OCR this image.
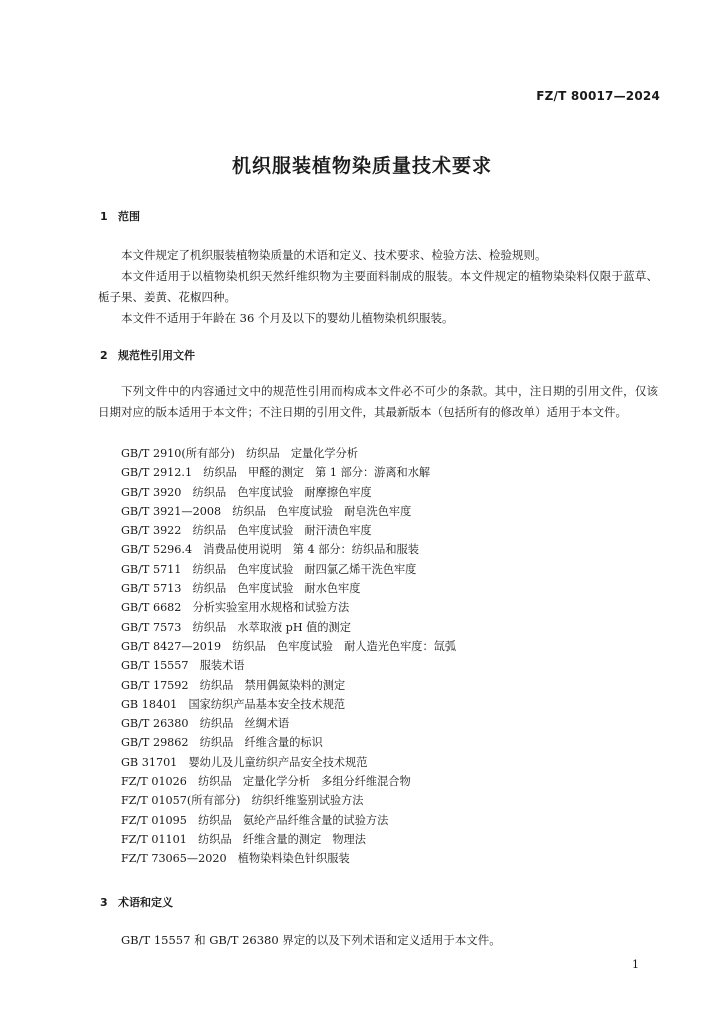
FZ/T 80017—2024
机织服装植物染质量技术要求
1 范围
本文件规定了机织服装植物染质量的术语和定义、技术要求、检验方法、检验规则。
本文件适用于以植物染机织天然纤维织物为主要面料制成的服装。本文件规定的植物染染料仅限于蓝草、栀子果、姜黄、花椒四种。
本文件不适用于年龄在 36 个月及以下的婴幼儿植物染机织服装。
2 规范性引用文件
下列文件中的内容通过文中的规范性引用而构成本文件必不可少的条款。其中，注日期的引用文件，仅该日期对应的版本适用于本文件；不注日期的引用文件，其最新版本（包括所有的修改单）适用于本文件。
GB/T 2910(所有部分)　纺织品　定量化学分析
GB/T 2912.1　纺织品　甲醛的测定　第 1 部分：游离和水解
GB/T 3920　纺织品　色牢度试验　耐摩擦色牢度
GB/T 3921—2008　纺织品　色牢度试验　耐皂洗色牢度
GB/T 3922　纺织品　色牢度试验　耐汗渍色牢度
GB/T 5296.4　消费品使用说明　第 4 部分：纺织品和服装
GB/T 5711　纺织品　色牢度试验　耐四氯乙烯干洗色牢度
GB/T 5713　纺织品　色牢度试验　耐水色牢度
GB/T 6682　分析实验室用水规格和试验方法
GB/T 7573　纺织品　水萃取液 pH 值的测定
GB/T 8427—2019　纺织品　色牢度试验　耐人造光色牢度：氙弧
GB/T 15557　服装术语
GB/T 17592　纺织品　禁用偶氮染料的测定
GB 18401　国家纺织产品基本安全技术规范
GB/T 26380　纺织品　丝绸术语
GB/T 29862　纺织品　纤维含量的标识
GB 31701　婴幼儿及儿童纺织产品安全技术规范
FZ/T 01026　纺织品　定量化学分析　多组分纤维混合物
FZ/T 01057(所有部分)　纺织纤维鉴别试验方法
FZ/T 01095　纺织品　氨纶产品纤维含量的试验方法
FZ/T 01101　纺织品　纤维含量的测定　物理法
FZ/T 73065—2020　植物染料染色针织服装
3 术语和定义
GB/T 15557 和 GB/T 26380 界定的以及下列术语和定义适用于本文件。
1
